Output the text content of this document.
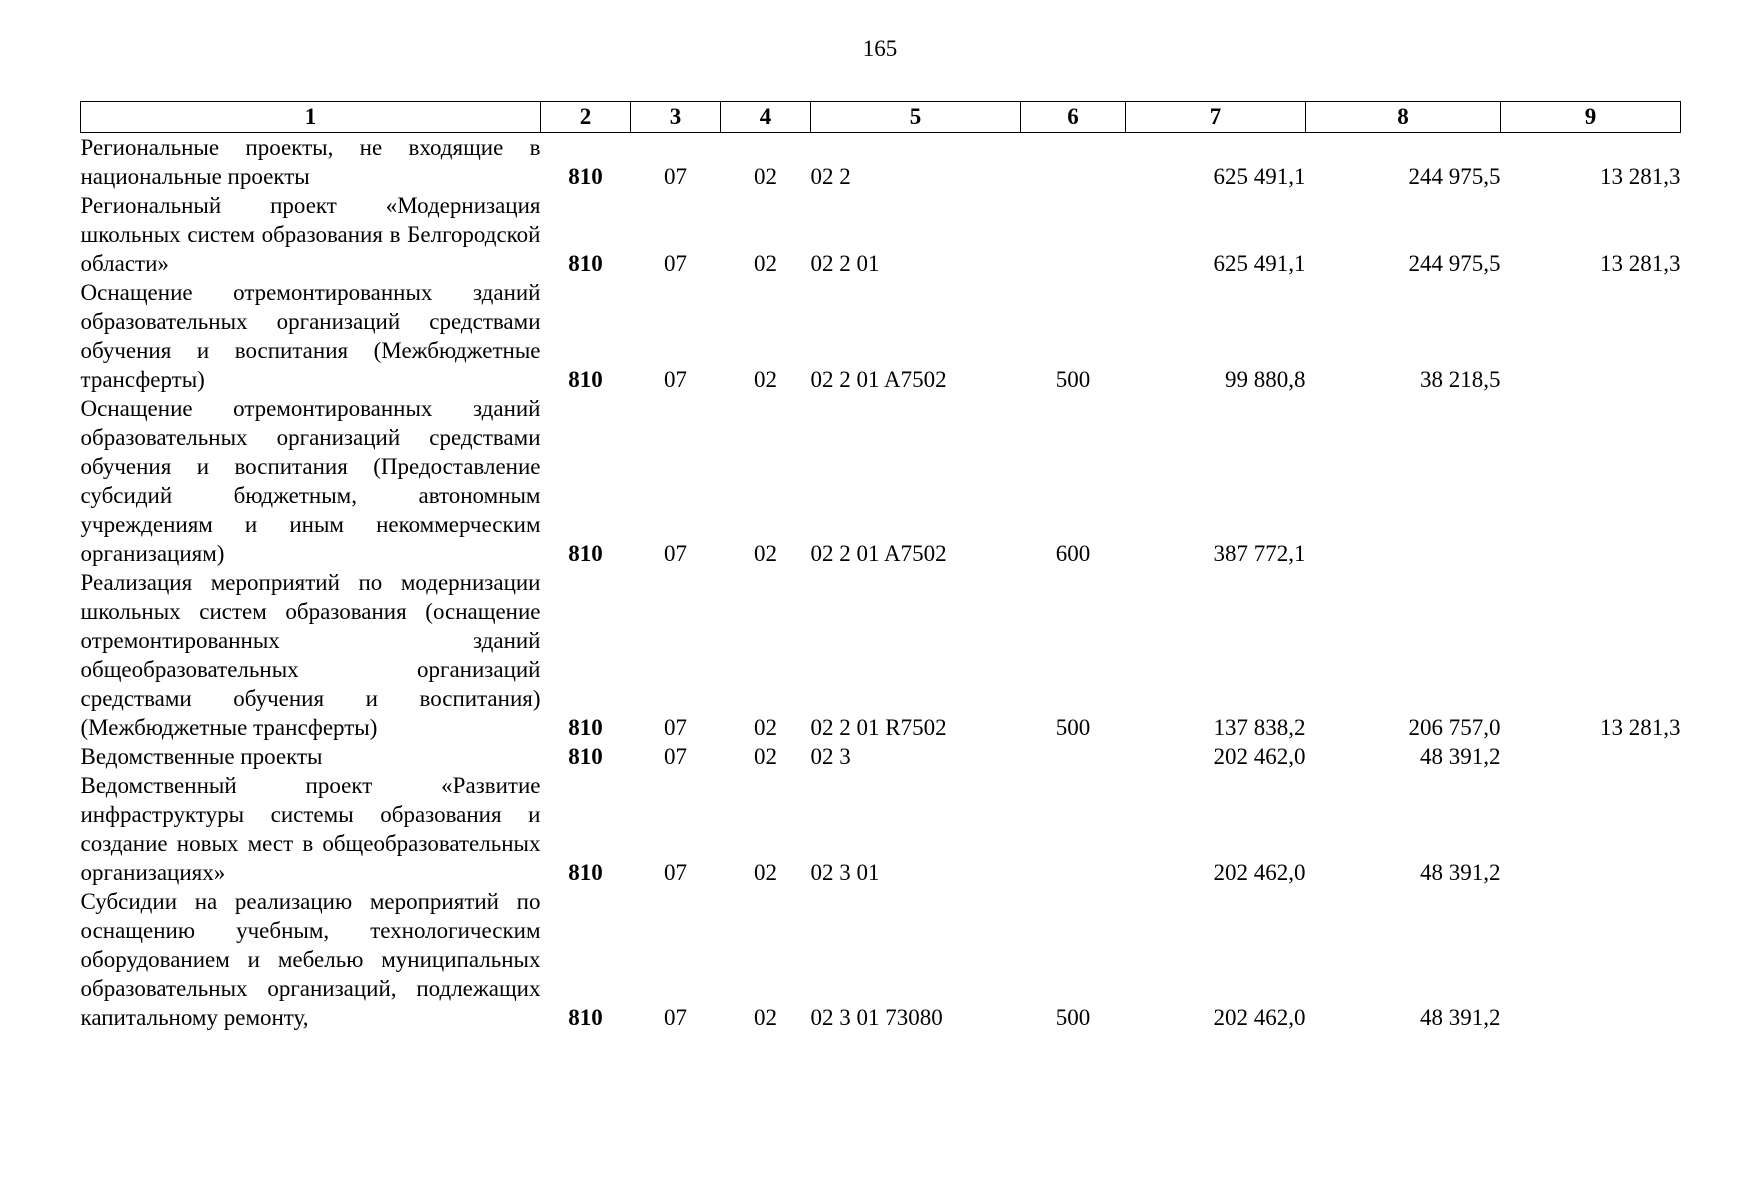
165
1	2	3	4	5	6	7	8	9
Региональные проекты, не входящие в национальные проекты	810	07	02	02 2		625 491,1	244 975,5	13 281,3
Региональный проект «Модернизация школьных систем образования в Белгородской области»	810	07	02	02 2 01		625 491,1	244 975,5	13 281,3
Оснащение отремонтированных зданий образовательных организаций средствами обучения и воспитания (Межбюджетные трансферты)	810	07	02	02 2 01 A7502	500	99 880,8	38 218,5	
Оснащение отремонтированных зданий образовательных организаций средствами обучения и воспитания (Предоставление субсидий бюджетным, автономным учреждениям и иным некоммерческим организациям)	810	07	02	02 2 01 A7502	600	387 772,1		
Реализация мероприятий по модернизации школьных систем образования (оснащение отремонтированных зданий общеобразовательных организаций средствами обучения и воспитания) (Межбюджетные трансферты)	810	07	02	02 2 01 R7502	500	137 838,2	206 757,0	13 281,3
Ведомственные проекты	810	07	02	02 3		202 462,0	48 391,2	
Ведомственный проект «Развитие инфраструктуры системы образования и создание новых мест в общеобразовательных организациях»	810	07	02	02 3 01		202 462,0	48 391,2	
Субсидии на реализацию мероприятий по оснащению учебным, технологическим оборудованием и мебелью муниципальных образовательных организаций, подлежащих капитальному ремонту,	810	07	02	02 3 01 73080	500	202 462,0	48 391,2	
